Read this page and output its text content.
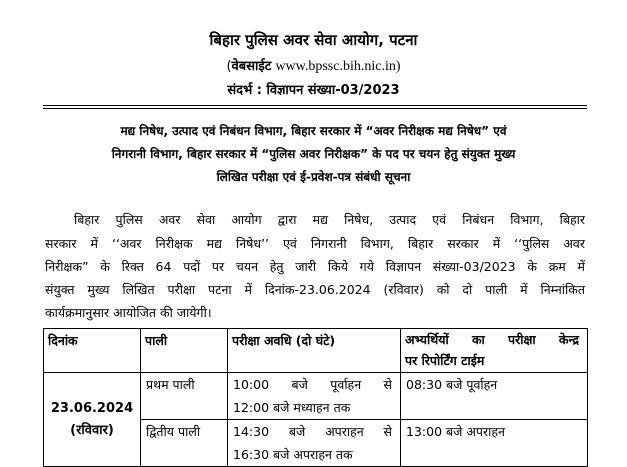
बिहार पुलिस अवर सेवा आयोग, पटना
(वेबसाईट www.bpssc.bih.nic.in)
संदर्भ : विज्ञापन संख्या-03/2023
मद्य निषेध, उत्पाद एवं निबंधन विभाग, बिहार सरकार में “अवर निरीक्षक मद्य निषेध” एवं
निगरानी विभाग, बिहार सरकार में “पुलिस अवर निरीक्षक” के पद पर चयन हेतु संयुक्त मुख्य
लिखित परीक्षा एवं ई-प्रवेश-पत्र संबंधी सूचना
बिहार पुलिस अवर सेवा आयोग द्वारा मद्य निषेध, उत्पाद एवं निबंधन विभाग, बिहार
सरकार में ‘‘अवर निरीक्षक मद्य निषेध’’ एवं निगरानी विभाग, बिहार सरकार में ‘‘पुलिस अवर
निरीक्षक” के रिक्त 64 पदों पर चयन हेतु जारी किये गये विज्ञापन संख्या-03/2023 के क्रम में
संयुक्त मुख्य लिखित परीक्षा पटना में दिनांक-23.06.2024 (रविवार) को दो पाली में निम्नांकित
कार्यक्रमानुसार आयोजित की जायेगी।
दिनांक	पाली	परीक्षा अवधि (दो घंटे)	अभ्यर्थियों का परीक्षा केन्द्र
पर रिपोर्टिंग टाईम

23.06.2024
(रविवार)	प्रथम पाली	10:00 बजे पूर्वाहन से
12:00 बजे मध्याहन तक	08:30 बजे पूर्वाहन

	द्वितीय पाली	14:30 बजे अपराहन से
16:30 बजे अपराहन तक	13:00 बजे अपराहन
